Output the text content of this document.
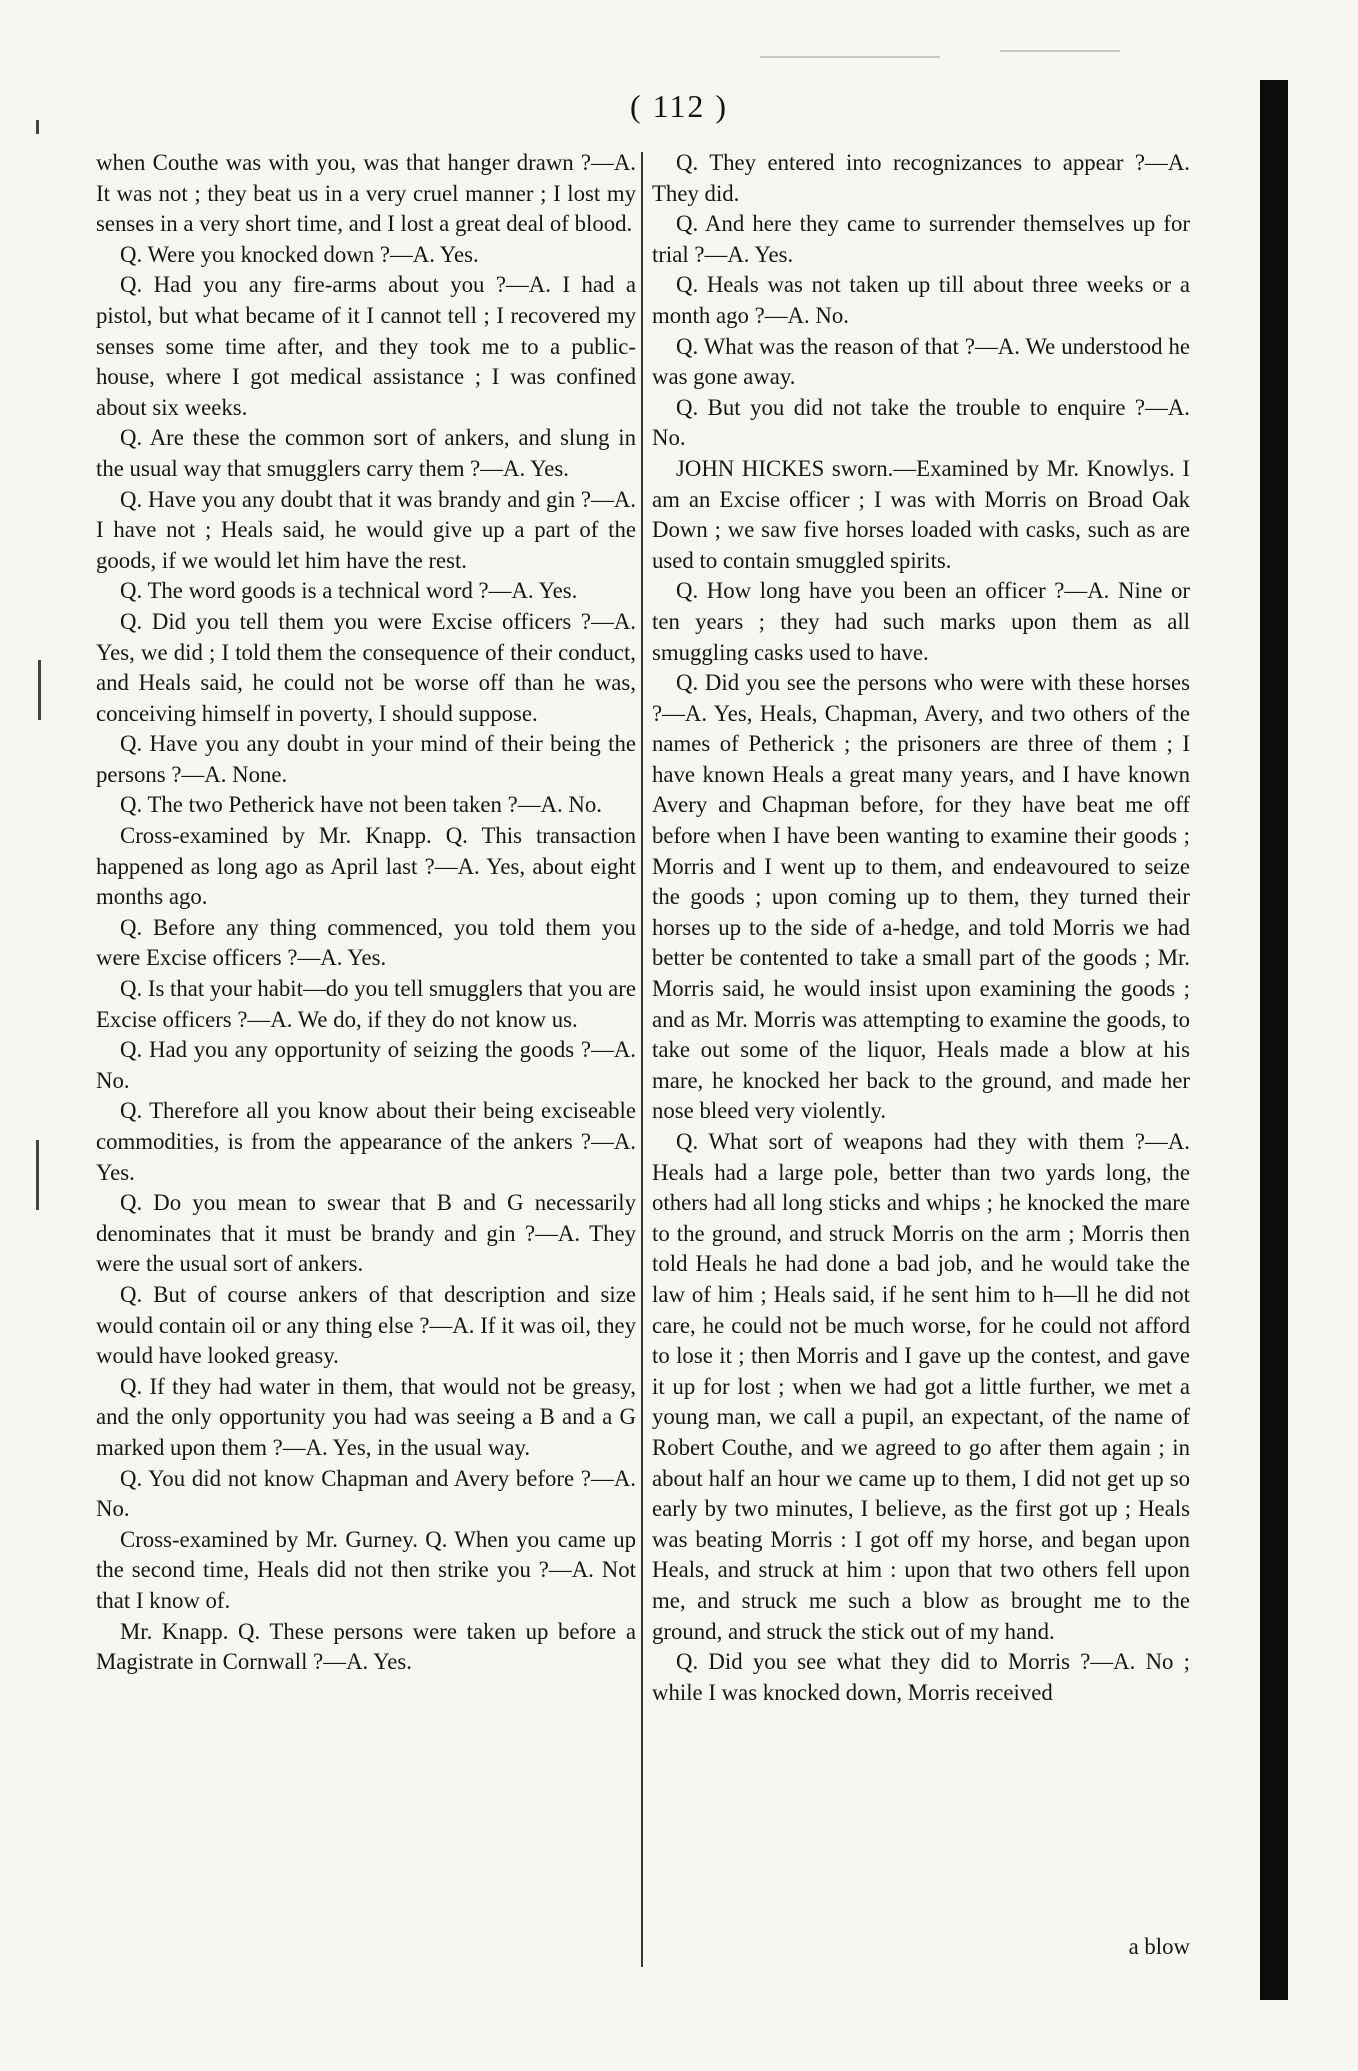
( 112 )

when Couthe was with you, was that hanger drawn ?—A. It was not ; they beat us in a very cruel manner ; I lost my senses in a very short time, and I lost a great deal of blood.

Q. Were you knocked down ?—A. Yes.

Q. Had you any fire-arms about you ?—A. I had a pistol, but what became of it I cannot tell ; I recovered my senses some time after, and they took me to a public-house, where I got medical assistance ; I was confined about six weeks.

Q. Are these the common sort of ankers, and slung in the usual way that smugglers carry them ?—A. Yes.

Q. Have you any doubt that it was brandy and gin ?—A. I have not ; Heals said, he would give up a part of the goods, if we would let him have the rest.

Q. The word goods is a technical word ?—A. Yes.

Q. Did you tell them you were Excise officers ?—A. Yes, we did ; I told them the consequence of their conduct, and Heals said, he could not be worse off than he was, conceiving himself in poverty, I should suppose.

Q. Have you any doubt in your mind of their being the persons ?—A. None.

Q. The two Petherick have not been taken ?—A. No.

Cross-examined by Mr. Knapp. Q. This transaction happened as long ago as April last ?—A. Yes, about eight months ago.

Q. Before any thing commenced, you told them you were Excise officers ?—A. Yes.

Q. Is that your habit—do you tell smugglers that you are Excise officers ?—A. We do, if they do not know us.

Q. Had you any opportunity of seizing the goods ?—A. No.

Q. Therefore all you know about their being exciseable commodities, is from the appearance of the ankers ?—A. Yes.

Q. Do you mean to swear that B and G necessarily denominates that it must be brandy and gin ?—A. They were the usual sort of ankers.

Q. But of course ankers of that description and size would contain oil or any thing else ?—A. If it was oil, they would have looked greasy.

Q. If they had water in them, that would not be greasy, and the only opportunity you had was seeing a B and a G marked upon them ?—A. Yes, in the usual way.

Q. You did not know Chapman and Avery before ?—A. No.

Cross-examined by Mr. Gurney. Q. When you came up the second time, Heals did not then strike you ?—A. Not that I know of.

Mr. Knapp. Q. These persons were taken up before a Magistrate in Cornwall ?—A. Yes.

Q. They entered into recognizances to appear ?—A. They did.

Q. And here they came to surrender themselves up for trial ?—A. Yes.

Q. Heals was not taken up till about three weeks or a month ago ?—A. No.

Q. What was the reason of that ?—A. We understood he was gone away.

Q. But you did not take the trouble to enquire ?—A. No.

JOHN HICKES sworn.—Examined by Mr. Knowlys. I am an Excise officer ; I was with Morris on Broad Oak Down ; we saw five horses loaded with casks, such as are used to contain smuggled spirits.

Q. How long have you been an officer ?—A. Nine or ten years ; they had such marks upon them as all smuggling casks used to have.

Q. Did you see the persons who were with these horses ?—A. Yes, Heals, Chapman, Avery, and two others of the names of Petherick ; the prisoners are three of them ; I have known Heals a great many years, and I have known Avery and Chapman before, for they have beat me off before when I have been wanting to examine their goods ; Morris and I went up to them, and endeavoured to seize the goods ; upon coming up to them, they turned their horses up to the side of a-hedge, and told Morris we had better be contented to take a small part of the goods ; Mr. Morris said, he would insist upon examining the goods ; and as Mr. Morris was attempting to examine the goods, to take out some of the liquor, Heals made a blow at his mare, he knocked her back to the ground, and made her nose bleed very violently.

Q. What sort of weapons had they with them ?—A. Heals had a large pole, better than two yards long, the others had all long sticks and whips ; he knocked the mare to the ground, and struck Morris on the arm ; Morris then told Heals he had done a bad job, and he would take the law of him ; Heals said, if he sent him to h—ll he did not care, he could not be much worse, for he could not afford to lose it ; then Morris and I gave up the contest, and gave it up for lost ; when we had got a little further, we met a young man, we call a pupil, an expectant, of the name of Robert Couthe, and we agreed to go after them again ; in about half an hour we came up to them, I did not get up so early by two minutes, I believe, as the first got up ; Heals was beating Morris : I got off my horse, and began upon Heals, and struck at him : upon that two others fell upon me, and struck me such a blow as brought me to the ground, and struck the stick out of my hand.

Q. Did you see what they did to Morris ?—A. No ; while I was knocked down, Morris received

a blow
